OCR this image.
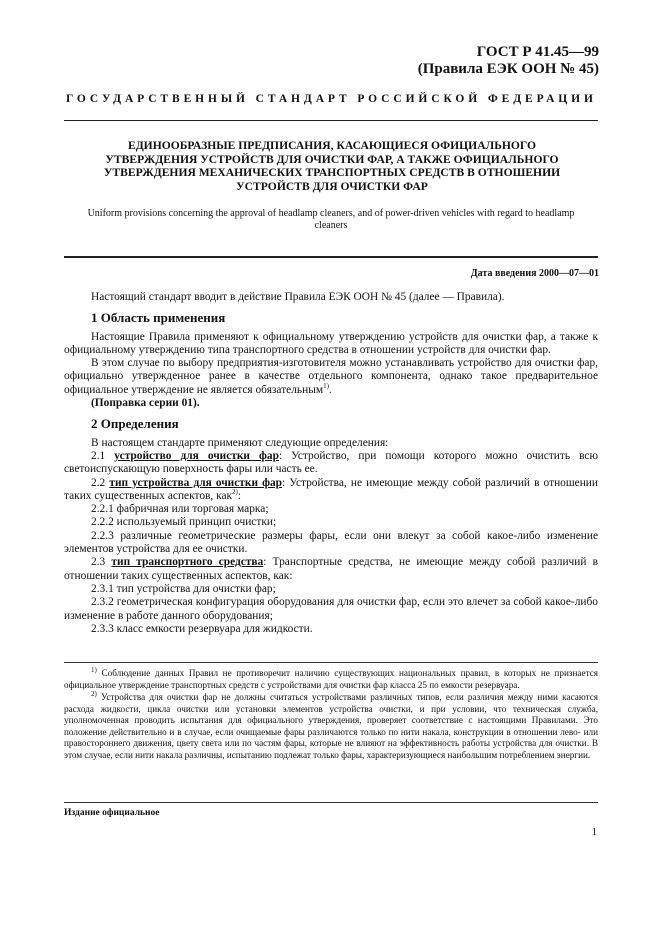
ГОСТ Р 41.45—99
(Правила ЕЭК ООН № 45)
ГОСУДАРСТВЕННЫЙ СТАНДАРТ РОССИЙСКОЙ ФЕДЕРАЦИИ
ЕДИНООБРАЗНЫЕ ПРЕДПИСАНИЯ, КАСАЮЩИЕСЯ ОФИЦИАЛЬНОГО УТВЕРЖДЕНИЯ УСТРОЙСТВ ДЛЯ ОЧИСТКИ ФАР, А ТАКЖЕ ОФИЦИАЛЬНОГО УТВЕРЖДЕНИЯ МЕХАНИЧЕСКИХ ТРАНСПОРТНЫХ СРЕДСТВ В ОТНОШЕНИИ УСТРОЙСТВ ДЛЯ ОЧИСТКИ ФАР
Uniform provisions concerning the approval of headlamp cleaners, and of power-driven vehicles with regard to headlamp cleaners
Дата введения 2000—07—01

Настоящий стандарт вводит в действие Правила ЕЭК ООН № 45 (далее — Правила).

1 Область применения

Настоящие Правила применяют к официальному утверждению устройств для очистки фар, а также к официальному утверждению типа транспортного средства в отношении устройств для очистки фар.

В этом случае по выбору предприятия-изготовителя можно устанавливать устройство для очистки фар, официально утвержденное ранее в качестве отдельного компонента, однако такое предварительное официальное утверждение не является обязательным$^{1)}$.

(Поправка серии 01).

2 Определения

В настоящем стандарте применяют следующие определения:

2.1 устройство для очистки фар: Устройство, при помощи которого можно очистить всю светоиспускающую поверхность фары или часть ее.

2.2 тип устройства для очистки фар: Устройства, не имеющие между собой различий в отношении таких существенных аспектов, как$^{2)}$:

2.2.1 фабричная или торговая марка;

2.2.2 используемый принцип очистки;

2.2.3 различные геометрические размеры фары, если они влекут за собой какое-либо изменение элементов устройства для ее очистки.

2.3 тип транспортного средства: Транспортные средства, не имеющие между собой различий в отношении таких существенных аспектов, как:

2.3.1 тип устройства для очистки фар;

2.3.2 геометрическая конфигурация оборудования для очистки фар, если это влечет за собой какое-либо изменение в работе данного оборудования;

2.3.3 класс емкости резервуара для жидкости.

$^{1)}$ Соблюдение данных Правил не противоречит наличию существующих национальных правил, в которых не признается официальное утверждение транспортных средств с устройствами для очистки фар класса 25 по емкости резервуара.

$^{2)}$ Устройства для очистки фар не должны считаться устройствами различных типов, если различия между ними касаются расхода жидкости, цикла очистки или установки элементов устройства очистки, и при условии, что техническая служба, уполномоченная проводить испытания для официального утверждения, проверяет соответствие с настоящими Правилами. Это положение действительно и в случае, если очищаемые фары различаются только по нити накала, конструкции в отношении лево- или правостороннего движения, цвету света или по частям фары, которые не влияют на эффективность работы устройства для очистки. В этом случае, если нити накала различны, испытанию подлежат только фары, характеризующиеся наибольшим потреблением энергии.

Издание официальное
1
